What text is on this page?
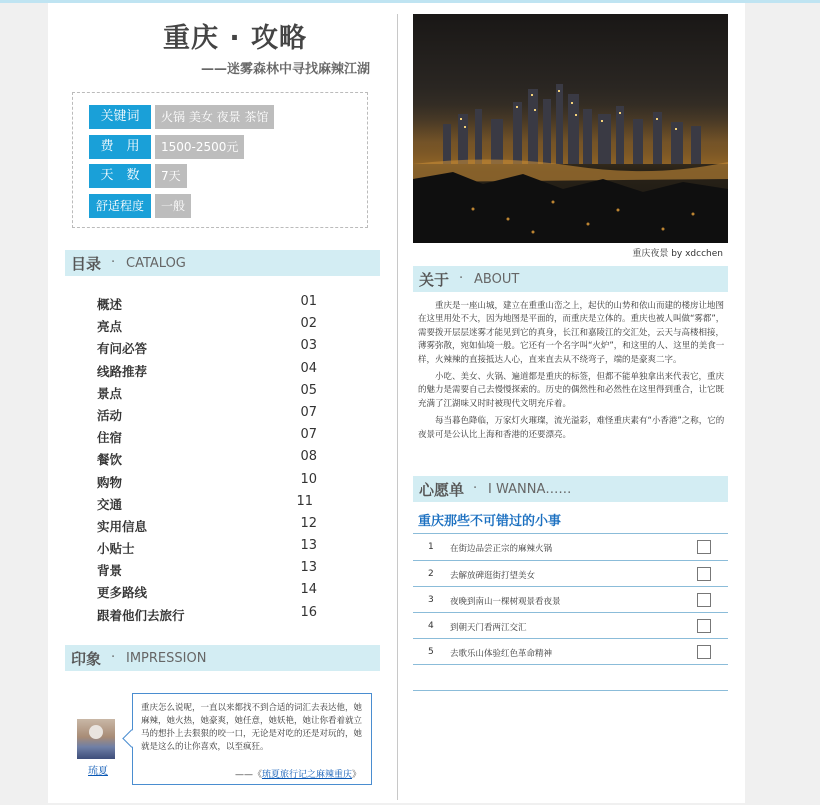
重庆 · 攻略
——迷雾森林中寻找麻辣江湖
关键词	火锅 美女 夜景 茶馆
费　用	1500-2500元
天　数	7天
舒适程度	一般
目录 · CATALOG
概述	01
亮点	02
有问必答	03
线路推荐	04
景点	05
活动	07
住宿	07
餐饮	08
购物	10
交通	11
实用信息	12
小贴士	13
背景	13
更多路线	14
跟着他们去旅行	16
印象 · IMPRESSION
琉夏
重庆怎么说呢，一直以来都找不到合适的词汇去表达他，她麻辣，她火热，她豪爽，她任意，她妖艳，她让你看着就立马的想扑上去狠狠的咬一口，无论是对吃的还是对玩的，她就是这么的让你喜欢，以至疯狂。
——《琉夏旅行记之麻辣重庆》
重庆夜景 by xdcchen
关于 · ABOUT

重庆是一座山城，建立在重重山峦之上，起伏的山势和依山而建的楼房让地图在这里用处不大，因为地图是平面的，而重庆是立体的。重庆也被人叫做“雾都”，需要拨开层层迷雾才能见到它的真身，长江和嘉陵江的交汇处，云天与高楼相接，薄雾弥散，宛如仙境一般。它还有一个名字叫“火炉”，和这里的人、这里的美食一样，火辣辣的直接抵达人心，直来直去从不绕弯子，端的是豪爽二字。

小吃、美女、火锅、遍道都是重庆的标签，但都不能单独拿出来代表它，重庆的魅力是需要自己去慢慢探索的。历史的偶然性和必然性在这里得到重合，让它既充满了江湖味又时时被现代文明充斥着。

每当暮色降临，万家灯火璀璨，流光溢彩，难怪重庆素有“小香港”之称，它的夜景可是公认比上海和香港的还要漂亮。

心愿单 · I WANNA……
重庆那些不可错过的小事
1 在街边品尝正宗的麻辣火锅
2 去解放碑逛街打望美女
3 夜晚到南山一棵树观景看夜景
4 到朝天门看两江交汇
5 去歌乐山体验红色革命精神
